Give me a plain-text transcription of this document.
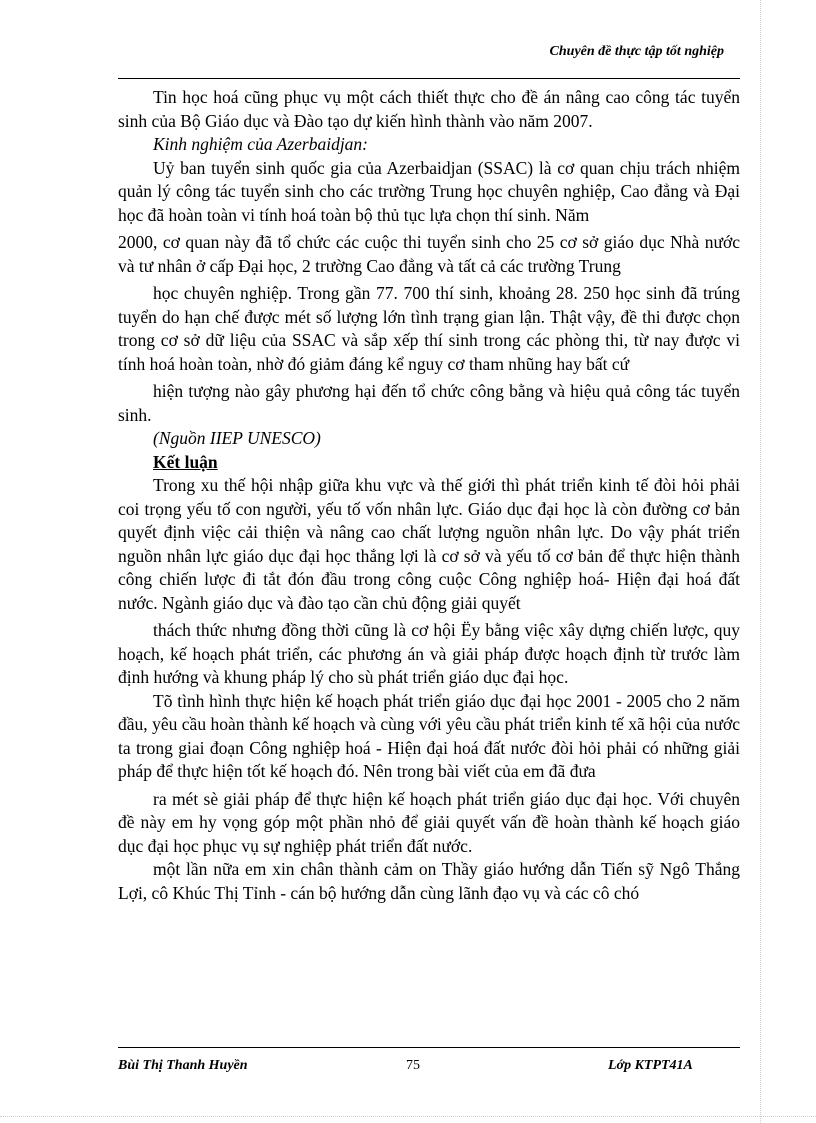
Chuyên đề thực tập tốt nghiệp

Tin học hoá cũng phục vụ một cách thiết thực cho đề án nâng cao công tác tuyển sinh của Bộ Giáo dục và Đào tạo dự kiến hình thành vào năm 2007.

Kinh nghiệm của Azerbaidjan:

Uỷ ban tuyển sinh quốc gia của Azerbaidjan (SSAC) là cơ quan chịu trách nhiệm quản lý công tác tuyển sinh cho các trường Trung học chuyên nghiệp, Cao đẳng và Đại học đã hoàn toàn vi tính hoá toàn bộ thủ tục lựa chọn thí sinh. Năm

2000, cơ quan này đã tổ chức các cuộc thi tuyển sinh cho 25 cơ sở giáo dục Nhà nước và tư nhân ở cấp Đại học, 2 trường Cao đẳng và tất cả các trường Trung

học chuyên nghiệp. Trong gần 77. 700 thí sinh, khoảng 28. 250 học sinh đã trúng tuyển do hạn chế được mét số lượng lớn tình trạng gian lận. Thật vậy, đề thi được chọn trong cơ sở dữ liệu của SSAC và sắp xếp thí sinh trong các phòng thi, từ nay được vi tính hoá hoàn toàn, nhờ đó giảm đáng kể nguy cơ tham nhũng hay bất cứ

hiện tượng nào gây phương hại đến tổ chức công bằng và hiệu quả công tác tuyển sinh.

(Nguồn IIEP UNESCO)

Kết luận

Trong xu thế hội nhập giữa khu vực và thế giới thì phát triển kinh tế đòi hỏi phải coi trọng yếu tố con người, yếu tố vốn nhân lực. Giáo dục đại học là còn đường cơ bản quyết định việc cải thiện và nâng cao chất lượng nguồn nhân lực. Do vậy phát triển nguồn nhân lực giáo dục đại học thắng lợi là cơ sở và yếu tố cơ bản để thực hiện thành công chiến lược đi tắt đón đầu trong công cuộc Công nghiệp hoá- Hiện đại hoá đất nước. Ngành giáo dục và đào tạo cần chủ động giải quyết

thách thức nhưng đồng thời cũng là cơ hội Ëy bằng việc xây dựng chiến lược, quy hoạch, kế hoạch phát triển, các phương án và giải pháp được hoạch định từ trước làm định hướng và khung pháp lý cho sù phát triển giáo dục đại học.

Tõ tình hình thực hiện kế hoạch phát triển giáo dục đại học 2001 - 2005 cho 2 năm đầu, yêu cầu hoàn thành kế hoạch và cùng với yêu cầu phát triển kinh tế xã hội của nước ta trong giai đoạn Công nghiệp hoá - Hiện đại hoá đất nước đòi hỏi phải có những giải pháp để thực hiện tốt kế hoạch đó. Nên trong bài viết của em đã đưa

ra mét sè giải pháp để thực hiện kế hoạch phát triển giáo dục đại học. Với chuyên đề này em hy vọng góp một phần nhỏ để giải quyết vấn đề hoàn thành kế hoạch giáo dục đại học phục vụ sự nghiệp phát triển đất nước.

một lần nữa em xin chân thành cảm on Thầy giáo hướng dẫn Tiến sỹ Ngô Thắng Lợi, cô Khúc Thị Tỉnh - cán bộ hướng dẫn cùng lãnh đạo vụ và các cô chó

Bùi Thị Thanh Huyền	75	Lớp KTPT41A
